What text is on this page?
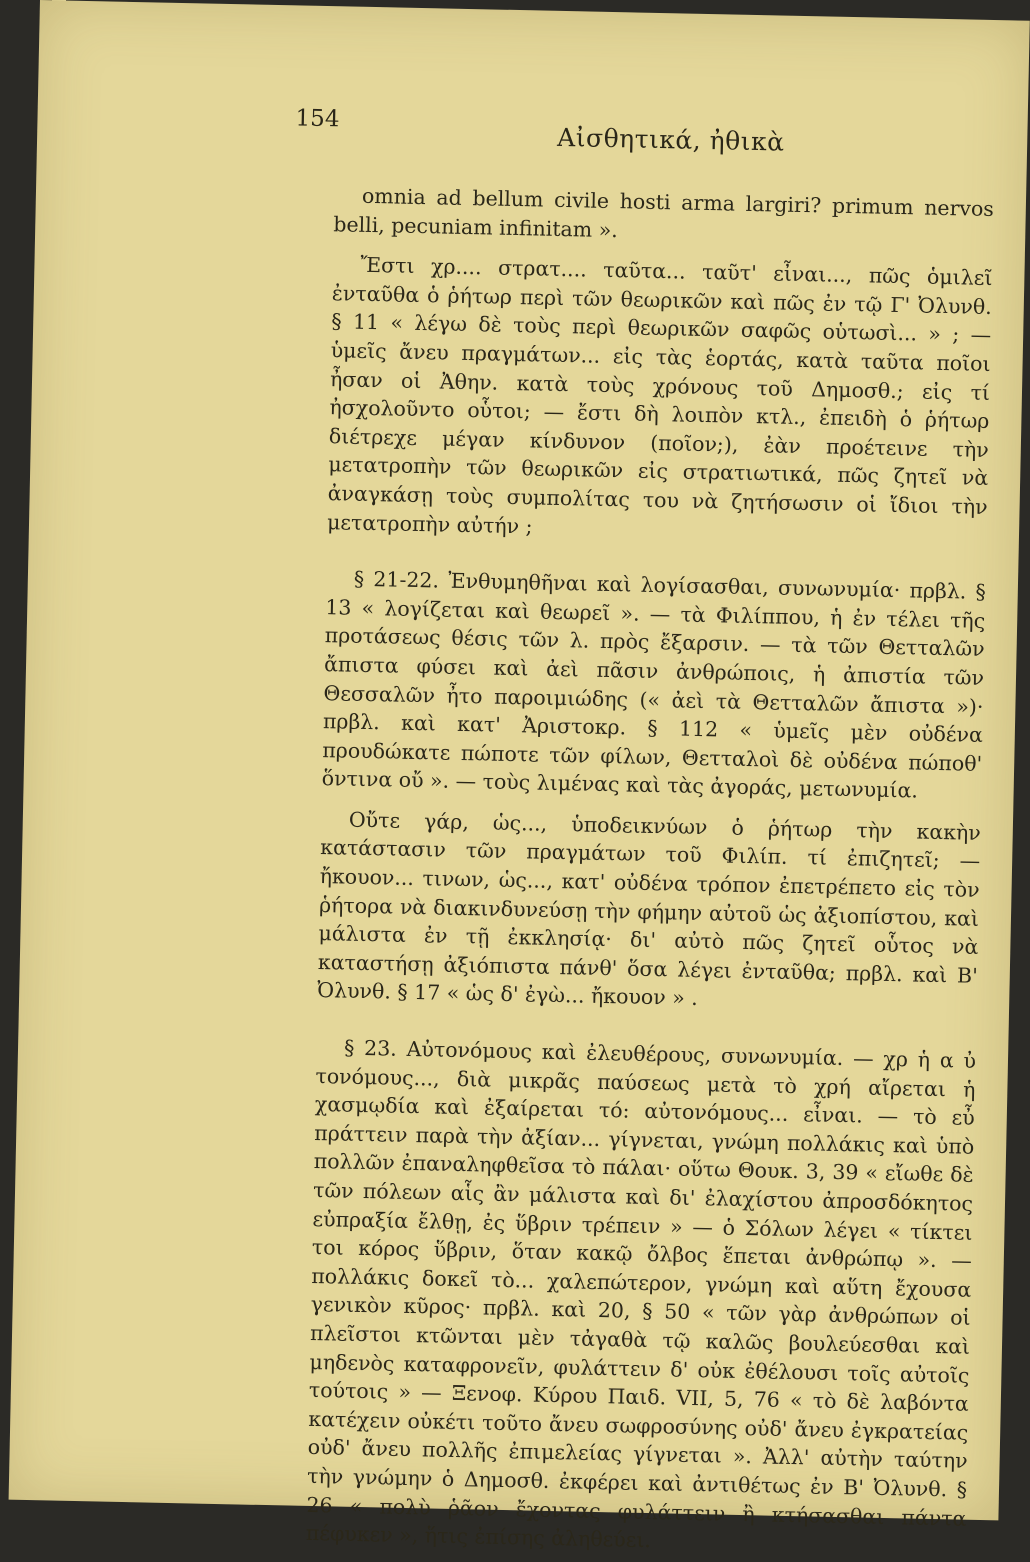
154
Αἰσθητικά, ἠθικὰ

omnia ad bellum civile hosti arma largiri? primum nervos belli, pecuniam infinitam ».

Ἔστι χρ.... στρατ.... ταῦτα... ταῦτ' εἶναι..., πῶς ὁμιλεῖ ἐνταῦθα ὁ ῥήτωρ περὶ τῶν θεωρικῶν καὶ πῶς ἐν τῷ Γ' Ὀλυνθ. § 11 « λέγω δὲ τοὺς περὶ θεωρικῶν σαφῶς οὑτωσὶ... » ; — ὑμεῖς ἄνευ πραγμάτων... εἰς τὰς ἑορτάς, κατὰ ταῦτα ποῖοι ἦσαν οἱ Ἀθην. κατὰ τοὺς χρόνους τοῦ Δημοσθ.; εἰς τί ἠσχολοῦντο οὗτοι; — ἔστι δὴ λοιπὸν κτλ., ἐπειδὴ ὁ ῥήτωρ διέτρεχε μέγαν κίνδυνον (ποῖον;), ἐὰν προέτεινε τὴν μετατροπὴν τῶν θεωρικῶν εἰς στρατιωτικά, πῶς ζητεῖ νὰ ἀναγκάσῃ τοὺς συμπολίτας του νὰ ζητήσωσιν οἱ ἴδιοι τὴν μετατροπὴν αὐτήν ;

§ 21-22. Ἐνθυμηθῆναι καὶ λογίσασθαι, συνωνυμία· πρβλ. § 13 « λογίζεται καὶ θεωρεῖ ». — τὰ Φιλίππου, ἡ ἐν τέλει τῆς προτάσεως θέσις τῶν λ. πρὸς ἔξαρσιν. — τὰ τῶν Θετταλῶν ἄπιστα φύσει καὶ ἀεὶ πᾶσιν ἀνθρώποις, ἡ ἀπιστία τῶν Θεσσαλῶν ἦτο παροιμιώδης (« ἀεὶ τὰ Θετταλῶν ἄπιστα »)· πρβλ. καὶ κατ' Ἀριστοκρ. § 112 « ὑμεῖς μὲν οὐδένα προυδώκατε πώποτε τῶν φίλων, Θετταλοὶ δὲ οὐδένα πώποθ' ὅντινα οὔ ». — τοὺς λιμένας καὶ τὰς ἀγοράς, μετωνυμία.

Οὔτε γάρ, ὡς..., ὑποδεικνύων ὁ ῥήτωρ τὴν κακὴν κατάστασιν τῶν πραγμάτων τοῦ Φιλίπ. τί ἐπιζητεῖ; — ἤκουον... τινων, ὡς..., κατ' οὐδένα τρόπον ἐπετρέπετο εἰς τὸν ῥήτορα νὰ διακινδυνεύσῃ τὴν φήμην αὐτοῦ ὡς ἀξιοπίστου, καὶ μάλιστα ἐν τῇ ἐκκλησίᾳ· δι' αὐτὸ πῶς ζητεῖ οὗτος νὰ καταστήσῃ ἀξιόπιστα πάνθ' ὅσα λέγει ἐνταῦθα; πρβλ. καὶ Β' Ὀλυνθ. § 17 « ὡς δ' ἐγὼ... ἤκουον » .

§ 23. Αὐτονόμους καὶ ἐλευθέρους, συνωνυμία. — χρ ἡ α ὐ τονόμους..., διὰ μικρᾶς παύσεως μετὰ τὸ χρή αἴρεται ἡ χασμῳδία καὶ ἐξαίρεται τό: αὐτονόμους... εἶναι. — τὸ εὖ πράττειν παρὰ τὴν ἀξίαν... γίγνεται, γνώμη πολλάκις καὶ ὑπὸ πολλῶν ἐπαναληφθεῖσα τὸ πάλαι· οὕτω Θουκ. 3, 39 « εἴωθε δὲ τῶν πόλεων αἷς ἂν μάλιστα καὶ δι' ἐλαχίστου ἀπροσδόκητος εὐπραξία ἔλθῃ, ἐς ὕβριν τρέπειν » — ὁ Σόλων λέγει « τίκτει τοι κόρος ὕβριν, ὅταν κακῷ ὄλβος ἕπεται ἀνθρώπῳ ». — πολλάκις δοκεῖ τὸ... χαλεπώτερον, γνώμη καὶ αὕτη ἔχουσα γενικὸν κῦρος· πρβλ. καὶ 20, § 50 « τῶν γὰρ ἀνθρώπων οἱ πλεῖστοι κτῶνται μὲν τἀγαθὰ τῷ καλῶς βουλεύεσθαι καὶ μηδενὸς καταφρονεῖν, φυλάττειν δ' οὐκ ἐθέλουσι τοῖς αὐτοῖς τούτοις » — Ξενοφ. Κύρου Παιδ. VII, 5, 76 « τὸ δὲ λαβόντα κατέχειν οὐκέτι τοῦτο ἄνευ σωφροσύνης οὐδ' ἄνευ ἐγκρατείας οὐδ' ἄνευ πολλῆς ἐπιμελείας γίγνεται ». Ἀλλ' αὐτὴν ταύτην τὴν γνώμην ὁ Δημοσθ. ἐκφέρει καὶ ἀντιθέτως ἐν Β' Ὀλυνθ. § 26 « πολὺ ῥᾶον ἔχοντας φυλάττειν ἢ κτήσασθαι πάντα πέφυκεν », ἥτις ἐπίσης ἀληθεύει.
